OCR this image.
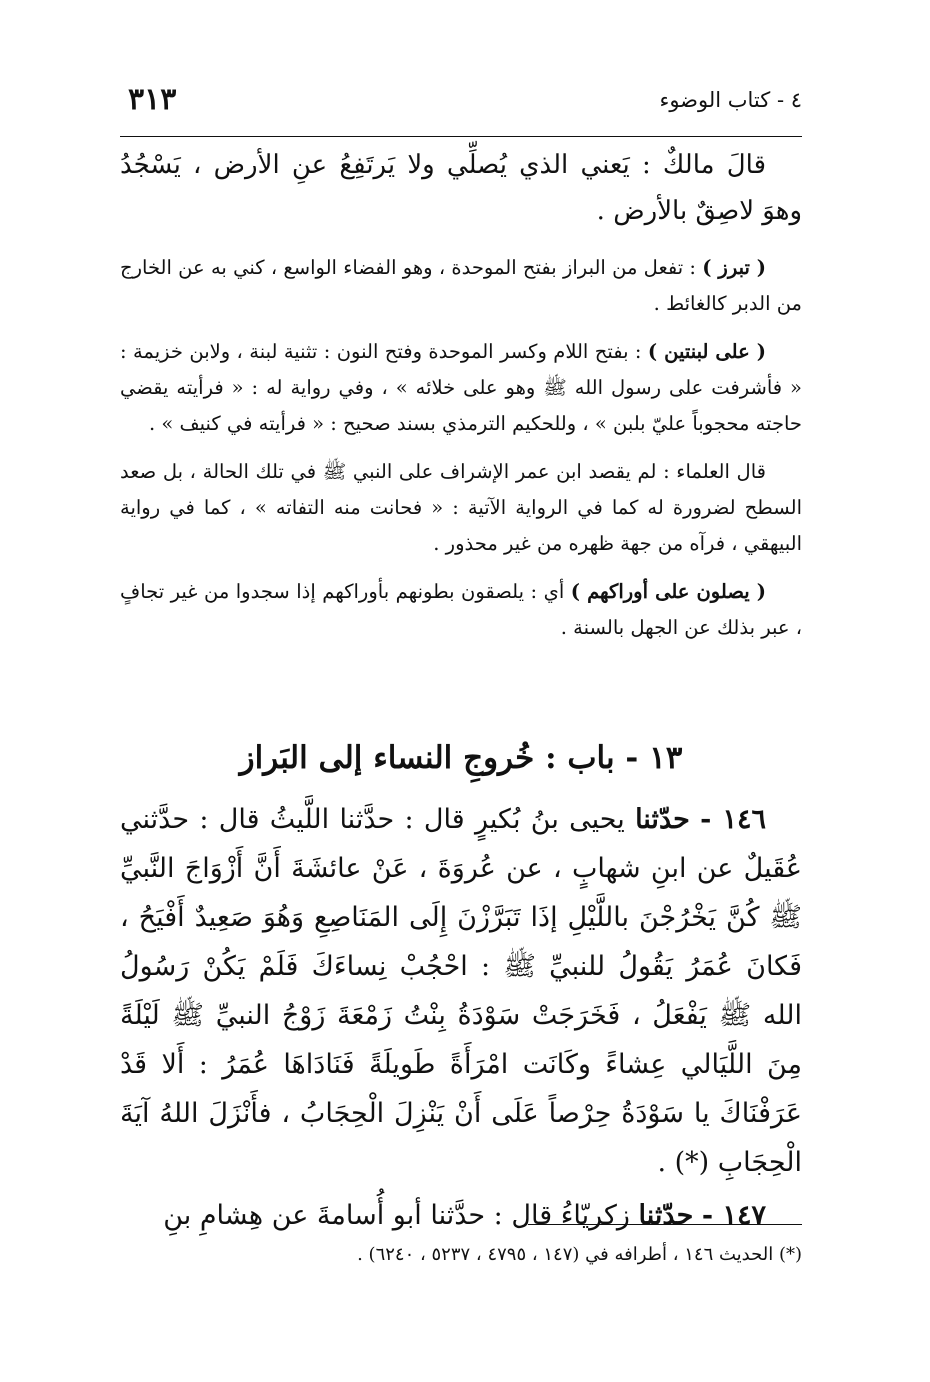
٤ - كتاب الوضوء
٣١٣

قالَ مالكٌ : يَعني الذي يُصلِّي ولا يَرتَفِعُ عنِ الأرض ، يَسْجُدُ وهوَ لاصِقٌ بالأرض .

( تبرز ) : تفعل من البراز بفتح الموحدة ، وهو الفضاء الواسع ، كني به عن الخارج من الدبر كالغائط .

( على لبنتين ) : بفتح اللام وكسر الموحدة وفتح النون : تثنية لبنة ، ولابن خزيمة : « فأشرفت على رسول الله ﷺ وهو على خلائه » ، وفي رواية له : « فرأيته يقضي حاجته محجوباً عليّ بلبن » ، وللحكيم الترمذي بسند صحيح : « فرأيته في كنيف » .

قال العلماء : لم يقصد ابن عمر الإشراف على النبي ﷺ في تلك الحالة ، بل صعد السطح لضرورة له كما في الرواية الآتية : « فحانت منه التفاته » ، كما في رواية البيهقي ، فرآه من جهة ظهره من غير محذور .

( يصلون على أوراكهم ) أي : يلصقون بطونهم بأوراكهم إذا سجدوا من غير تجافٍ ، عبر بذلك عن الجهل بالسنة .

١٣ - باب : خُروجِ النساء إلى البَراز

١٤٦ - حدّثنا يحيى بنُ بُكيرٍ قال : حدَّثنا اللَّيثُ قال : حدَّثني عُقَيلٌ عن ابنِ شهابٍ ، عن عُروَةَ ، عَنْ عائشَةَ أَنَّ أَزْوَاجَ النَّبيِّ ﷺ كُنَّ يَخْرُجْنَ باللَّيْلِ إذَا تَبَرَّزْنَ إِلَى المَنَاصِعِ وَهُوَ صَعِيدٌ أَفْيَحُ ، فَكانَ عُمَرُ يَقُولُ للنبيِّ ﷺ : احْجُبْ نِساءَكَ فَلَمْ يَكُنْ رَسُولُ الله ﷺ يَفْعَلُ ، فَخَرَجَتْ سَوْدَةُ بِنْتُ زَمْعَةَ زَوْجُ النبيِّ ﷺ لَيْلَةً مِنَ اللَّيَالي عِشاءً وكَانَت امْرَأَةً طَويلَةً فَنَادَاهَا عُمَرُ : أَلا قَدْ عَرَفْنَاكَ يا سَوْدَةُ حِرْصاً عَلَى أَنْ يَنْزِلَ الْحِجَابُ ، فأَنْزَلَ اللهُ آيَةَ الْحِجَابِ (*) .

١٤٧ - حدّثنا زكريّاءُ قال : حدَّثنا أبو أُسامةَ عن هِشامِ بنِ

(*) الحديث ١٤٦ ، أطرافه في (١٤٧ ، ٤٧٩٥ ، ٥٢٣٧ ، ٦٢٤٠) .
